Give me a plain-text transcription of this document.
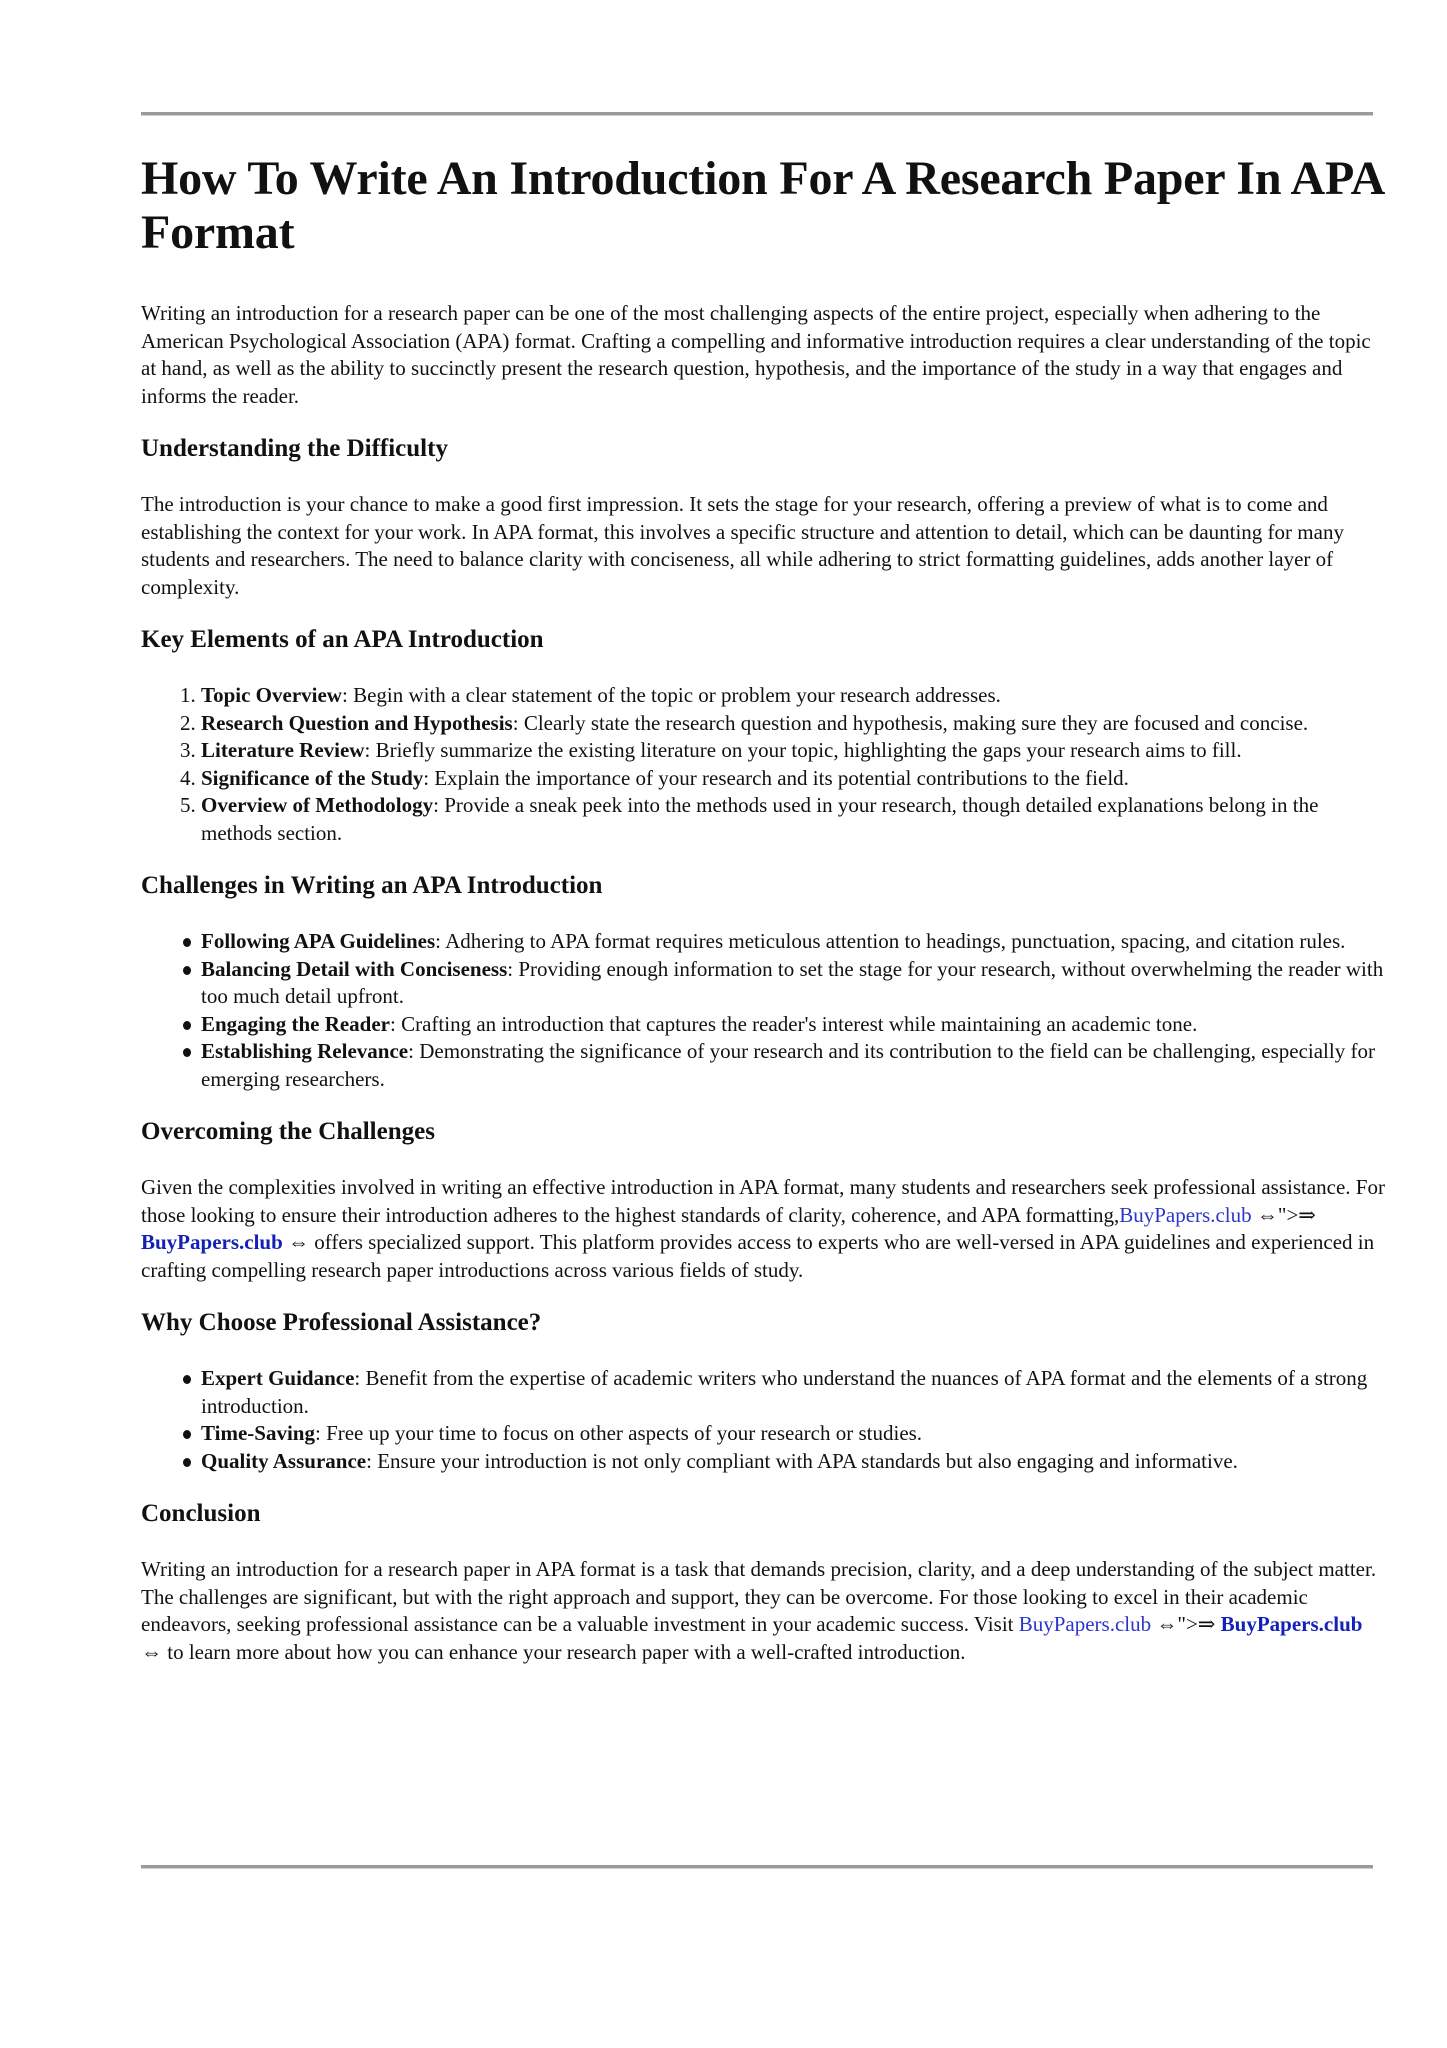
How To Write An Introduction For A Research Paper In APA Format

Writing an introduction for a research paper can be one of the most challenging aspects of the entire project, especially when adhering to the American Psychological Association (APA) format. Crafting a compelling and informative introduction requires a clear understanding of the topic at hand, as well as the ability to succinctly present the research question, hypothesis, and the importance of the study in a way that engages and informs the reader.

Understanding the Difficulty

The introduction is your chance to make a good first impression. It sets the stage for your research, offering a preview of what is to come and establishing the context for your work. In APA format, this involves a specific structure and attention to detail, which can be daunting for many students and researchers. The need to balance clarity with conciseness, all while adhering to strict formatting guidelines, adds another layer of complexity.

Key Elements of an APA Introduction
1. Topic Overview: Begin with a clear statement of the topic or problem your research addresses.
2. Research Question and Hypothesis: Clearly state the research question and hypothesis, making sure they are focused and concise.
3. Literature Review: Briefly summarize the existing literature on your topic, highlighting the gaps your research aims to fill.
4. Significance of the Study: Explain the importance of your research and its potential contributions to the field.
5. Overview of Methodology: Provide a sneak peek into the methods used in your research, though detailed explanations belong in the methods section.
Challenges in Writing an APA Introduction
Following APA Guidelines: Adhering to APA format requires meticulous attention to headings, punctuation, spacing, and citation rules.
Balancing Detail with Conciseness: Providing enough information to set the stage for your research, without overwhelming the reader with too much detail upfront.
Engaging the Reader: Crafting an introduction that captures the reader's interest while maintaining an academic tone.
Establishing Relevance: Demonstrating the significance of your research and its contribution to the field can be challenging, especially for emerging researchers.
Overcoming the Challenges

Given the complexities involved in writing an effective introduction in APA format, many students and researchers seek professional assistance. For those looking to ensure their introduction adheres to the highest standards of clarity, coherence, and APA formatting,BuyPapers.club ⇔">⇒ BuyPapers.club ⇔ offers specialized support. This platform provides access to experts who are well-versed in APA guidelines and experienced in crafting compelling research paper introductions across various fields of study.

Why Choose Professional Assistance?
Expert Guidance: Benefit from the expertise of academic writers who understand the nuances of APA format and the elements of a strong introduction.
Time-Saving: Free up your time to focus on other aspects of your research or studies.
Quality Assurance: Ensure your introduction is not only compliant with APA standards but also engaging and informative.
Conclusion

Writing an introduction for a research paper in APA format is a task that demands precision, clarity, and a deep understanding of the subject matter. The challenges are significant, but with the right approach and support, they can be overcome. For those looking to excel in their academic endeavors, seeking professional assistance can be a valuable investment in your academic success. Visit BuyPapers.club ⇔">⇒ BuyPapers.club ⇔ to learn more about how you can enhance your research paper with a well-crafted introduction.
